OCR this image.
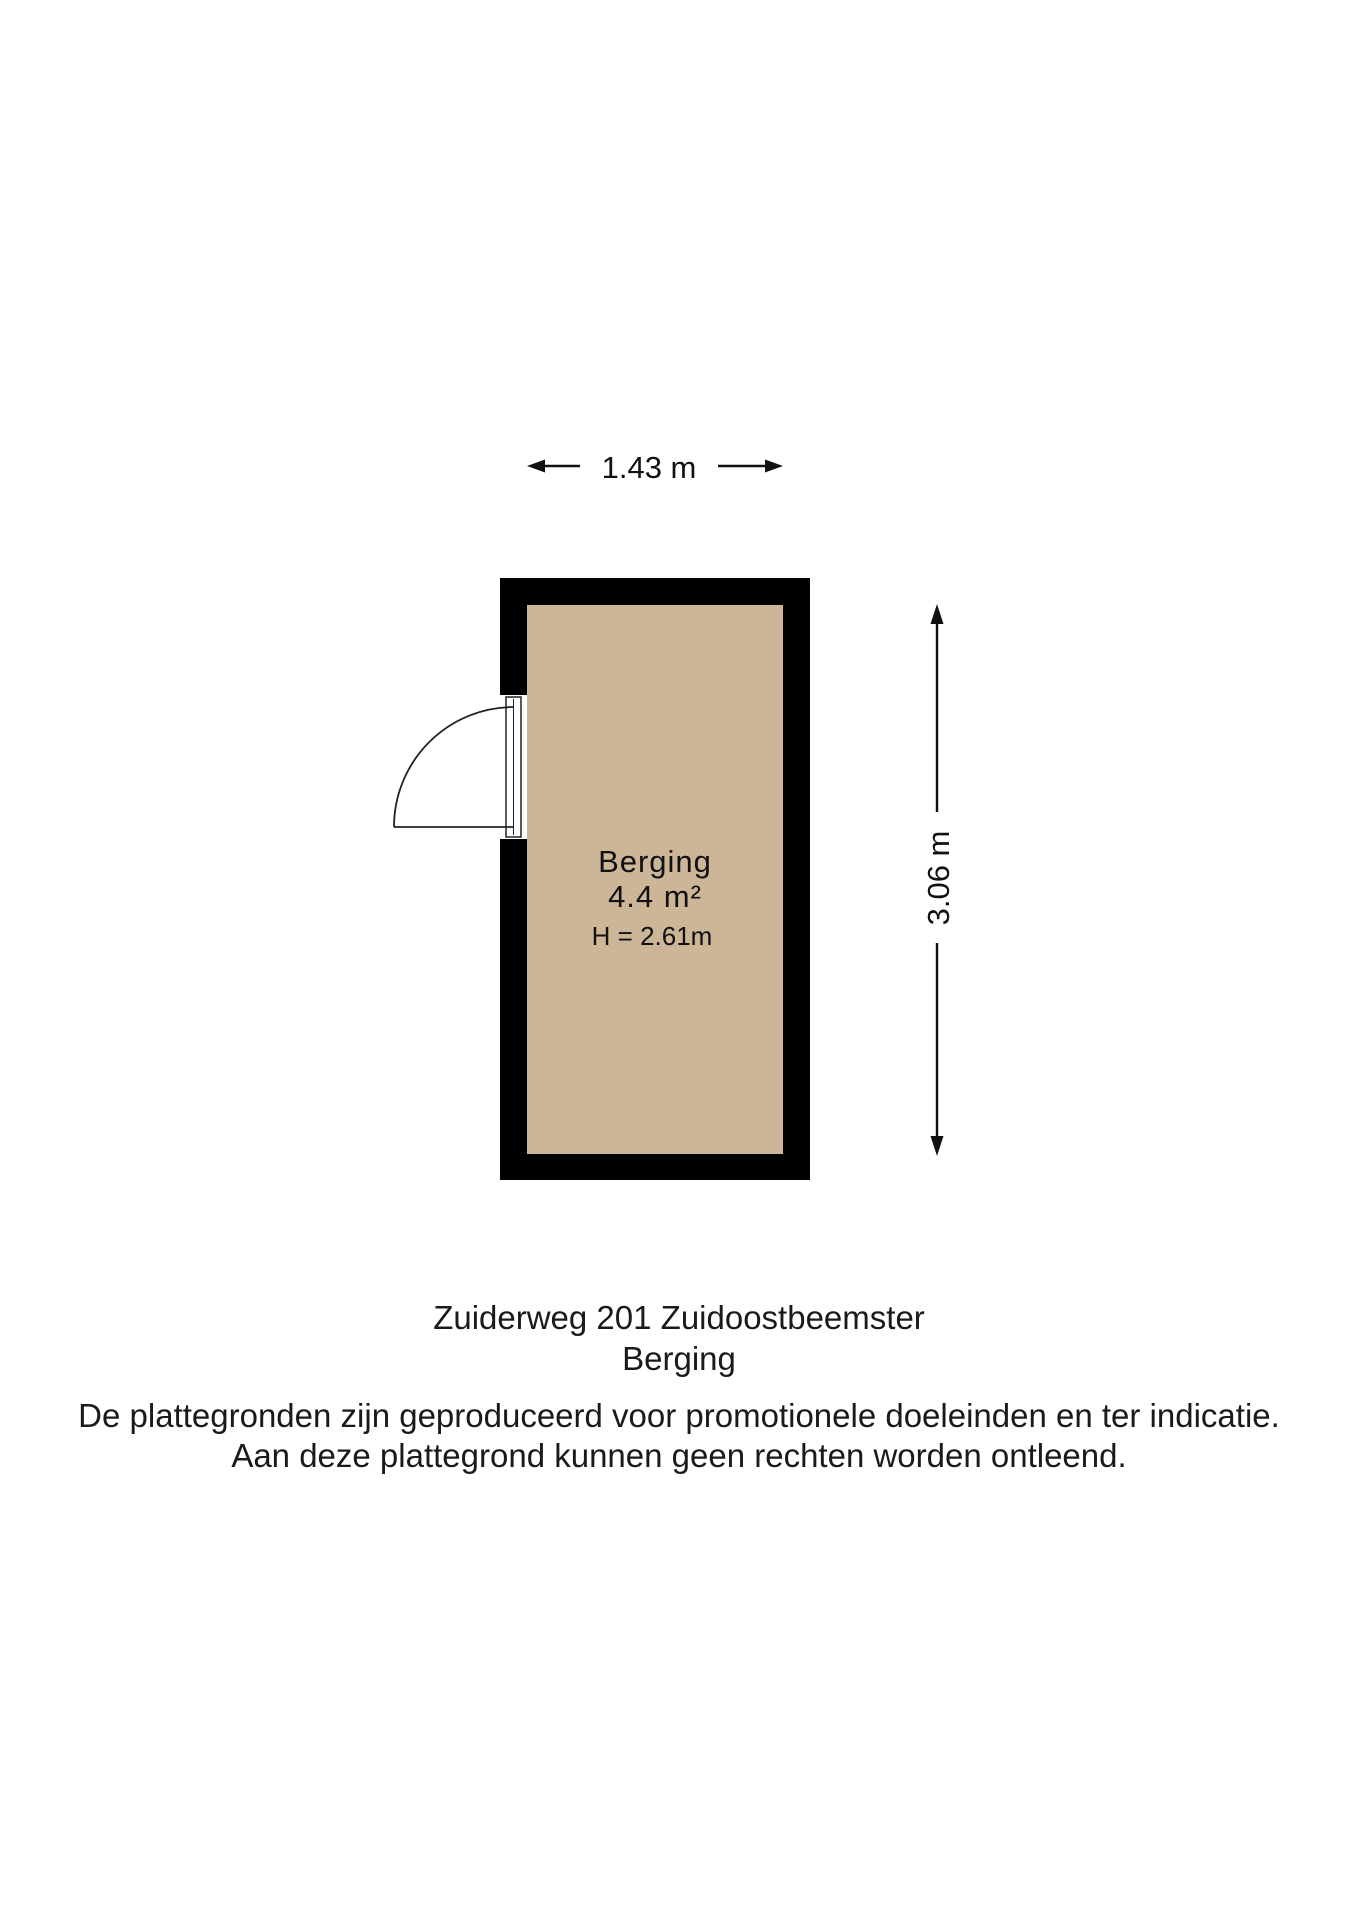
1.43 m
Berging
4.4 m²
H = 2.61m
3.06 m
Zuiderweg 201 Zuidoostbeemster
Berging
De plattegronden zijn geproduceerd voor promotionele doeleinden en ter indicatie.
Aan deze plattegrond kunnen geen rechten worden ontleend.
